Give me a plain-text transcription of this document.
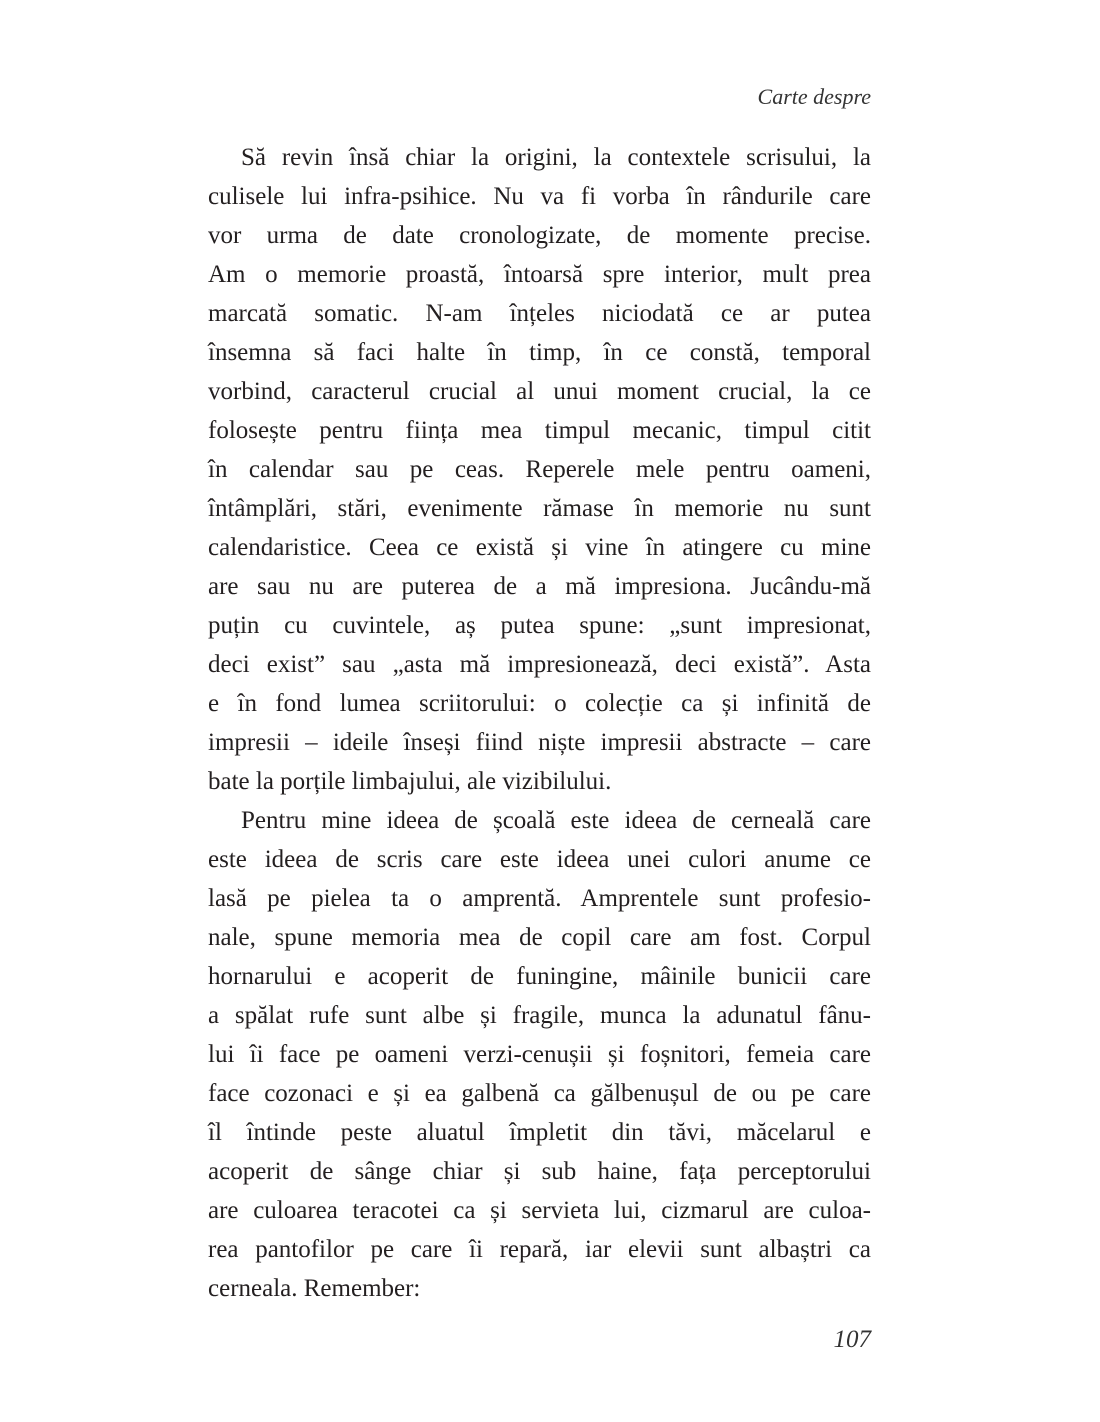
Carte despre
Să revin însă chiar la origini, la contextele scrisului, la
culisele lui infra-psihice. Nu va fi vorba în rândurile care
vor urma de date cronologizate, de momente precise.
Am o memorie proastă, întoarsă spre interior, mult prea
marcată somatic. N-am înțeles niciodată ce ar putea
însemna să faci halte în timp, în ce constă, temporal
vorbind, caracterul crucial al unui moment crucial, la ce
folosește pentru ființa mea timpul mecanic, timpul citit
în calendar sau pe ceas. Reperele mele pentru oameni,
întâmplări, stări, evenimente rămase în memorie nu sunt
calendaristice. Ceea ce există și vine în atingere cu mine
are sau nu are puterea de a mă impresiona. Jucându-mă
puțin cu cuvintele, aș putea spune: „sunt impresionat,
deci exist” sau „asta mă impresionează, deci există”. Asta
e în fond lumea scriitorului: o colecție ca și infinită de
impresii – ideile înseși fiind niște impresii abstracte – care
bate la porțile limbajului, ale vizibilului.
Pentru mine ideea de școală este ideea de cerneală care
este ideea de scris care este ideea unei culori anume ce
lasă pe pielea ta o amprentă. Amprentele sunt profesio-
nale, spune memoria mea de copil care am fost. Corpul
hornarului e acoperit de funingine, mâinile bunicii care
a spălat rufe sunt albe și fragile, munca la adunatul fânu-
lui îi face pe oameni verzi-cenușii și foșnitori, femeia care
face cozonaci e și ea galbenă ca gălbenușul de ou pe care
îl întinde peste aluatul împletit din tăvi, măcelarul e
acoperit de sânge chiar și sub haine, fața perceptorului
are culoarea teracotei ca și servieta lui, cizmarul are culoa-
rea pantofilor pe care îi repară, iar elevii sunt albaștri ca
cerneala. Remember:
107
